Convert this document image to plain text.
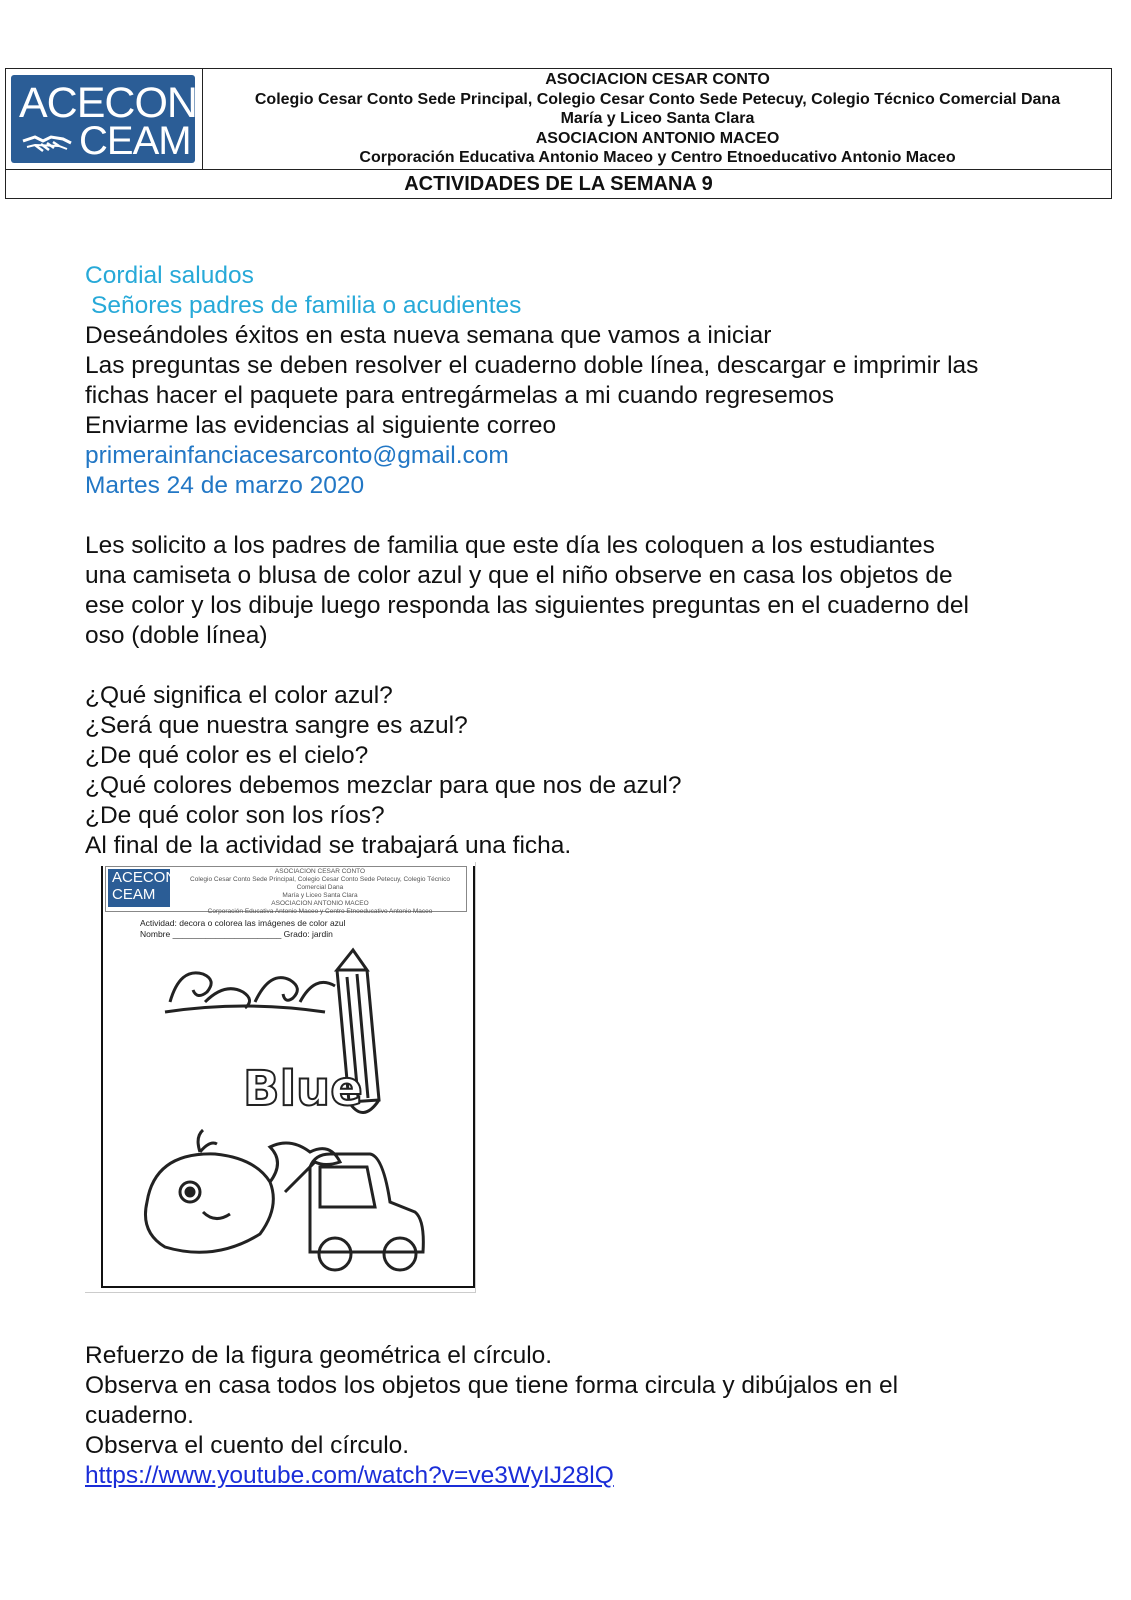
ACECON
CEAM
ASOCIACION CESAR CONTO
Colegio Cesar Conto Sede Principal, Colegio Cesar Conto Sede Petecuy, Colegio Técnico Comercial Dana
María y Liceo Santa Clara
ASOCIACION ANTONIO MACEO
Corporación Educativa Antonio Maceo y Centro Etnoeducativo Antonio Maceo
ACTIVIDADES DE LA SEMANA 9
Cordial saludos
Señores padres de familia o acudientes
Deseándoles éxitos en esta nueva semana que vamos a iniciar
Las preguntas se deben resolver el cuaderno doble línea, descargar e imprimir las
fichas hacer el paquete para entregármelas a mi cuando regresemos
Enviarme las evidencias al siguiente correo
primerainfanciacesarconto@gmail.com
Martes 24 de marzo 2020
Les solicito a los padres de familia que este día les coloquen a los estudiantes
una camiseta o blusa de color azul y que el niño observe en casa los objetos de
ese color y los dibuje luego responda las siguientes preguntas en el cuaderno del
oso (doble línea)
¿Qué significa el color azul?
¿Será que nuestra sangre es azul?
¿De qué color es el cielo?
¿Qué colores debemos mezclar para que nos de azul?
¿De qué color son los ríos?
Al final de la actividad se trabajará una ficha.
ACECON
CEAM
ASOCIACION CESAR CONTO
Colegio Cesar Conto Sede Principal, Colegio Cesar Conto Sede Petecuy, Colegio Técnico Comercial Dana
María y Liceo Santa Clara
ASOCIACION ANTONIO MACEO
Corporación Educativa Antonio Maceo y Centro Etnoeducativo Antonio Maceo
Actividad: decora o colorea las imágenes de color azul
Nombre _______________________ Grado: jardin
Blue
Refuerzo de la figura geométrica el círculo.
Observa en casa todos los objetos que tiene forma circula y dibújalos en el
cuaderno.
Observa el cuento del círculo.
https://www.youtube.com/watch?v=ve3WyIJ28lQ
